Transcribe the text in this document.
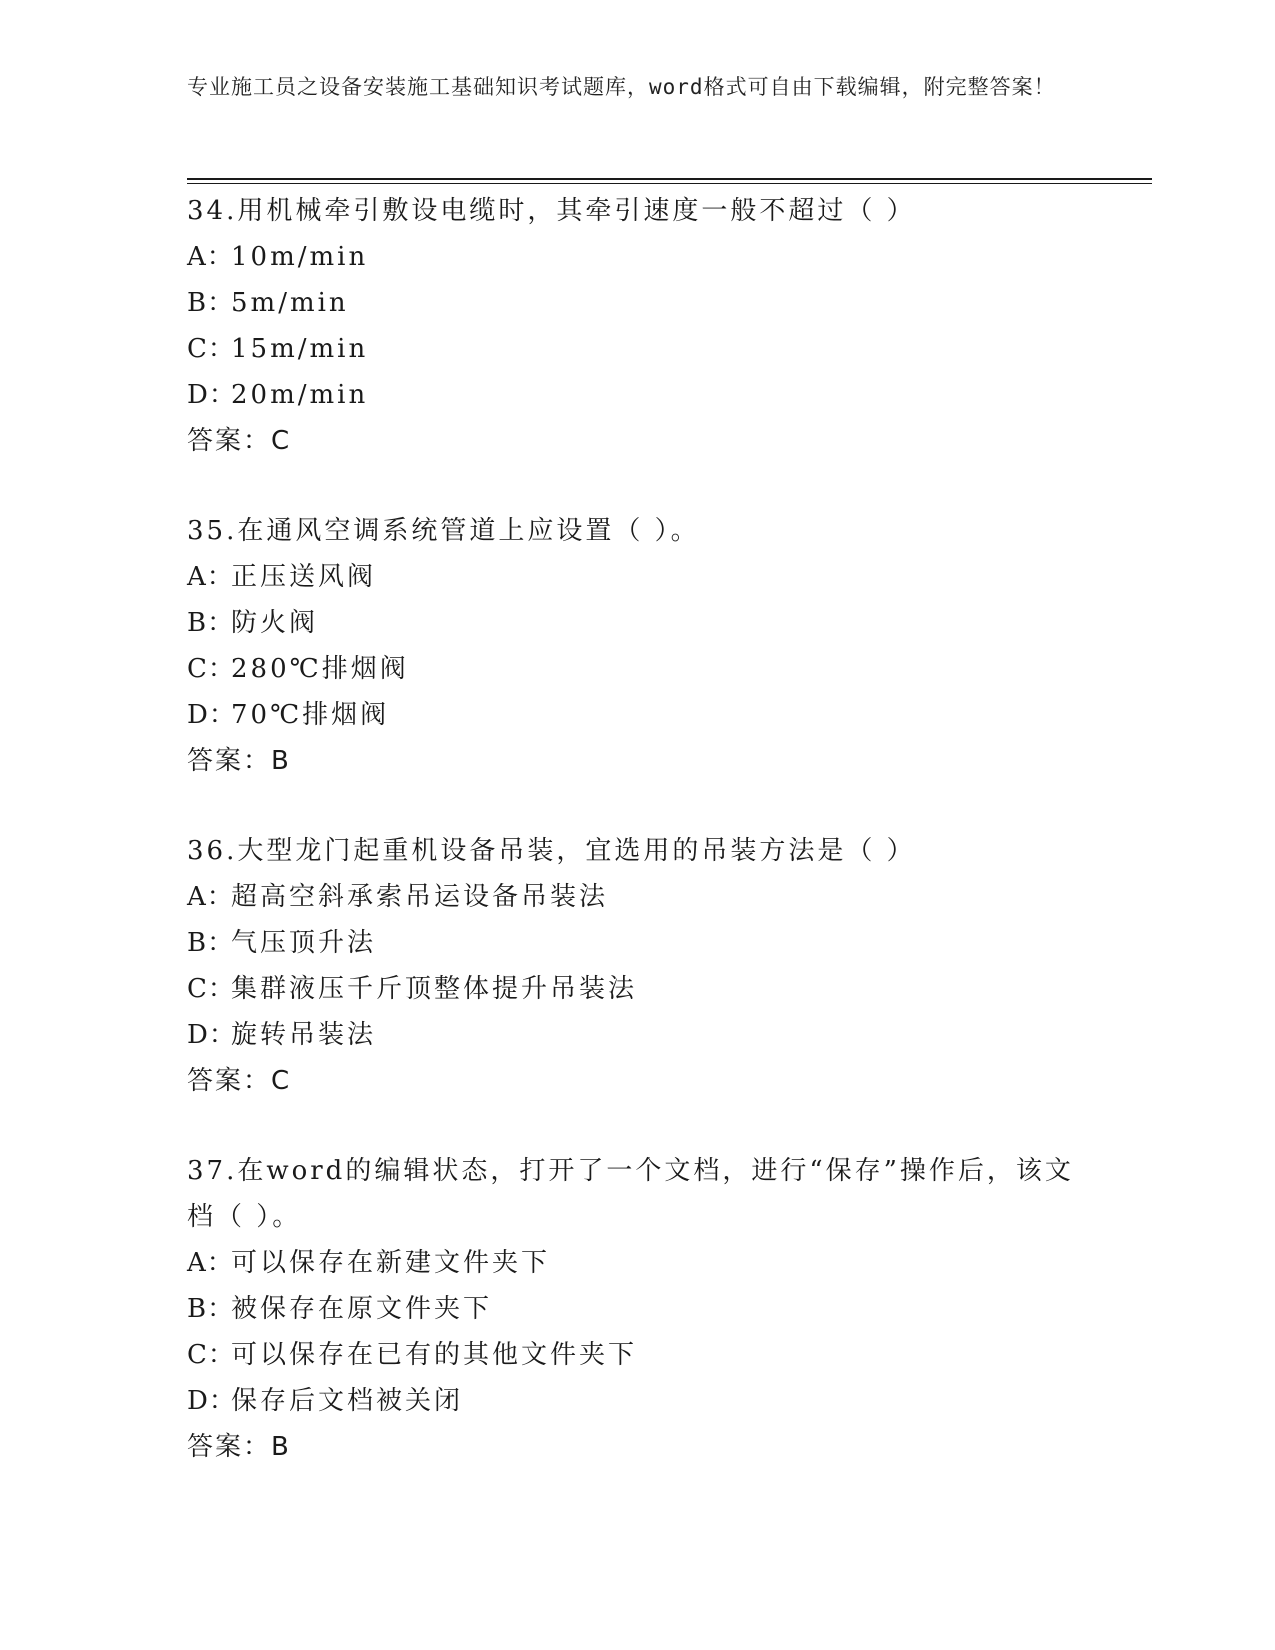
专业施工员之设备安装施工基础知识考试题库，word格式可自由下载编辑，附完整答案！

34.用机械牵引敷设电缆时，其牵引速度一般不超过（ ）

A：
10m/min

B：
5m/min

C：
15m/min

D：
20m/min

答案：C

35.在通风空调系统管道上应设置（ ）。

A：
正压送风阀

B：
防火阀

C：
280℃排烟阀

D：
70℃排烟阀

答案：B

36.大型龙门起重机设备吊装，宜选用的吊装方法是（ ）

A：
超高空斜承索吊运设备吊装法

B：
气压顶升法

C：
集群液压千斤顶整体提升吊装法

D：
旋转吊装法

答案：C

37.在word的编辑状态，打开了一个文档，进行“保存”操作后，该文档（ ）。

A：
可以保存在新建文件夹下

B：
被保存在原文件夹下

C：
可以保存在已有的其他文件夹下

D：
保存后文档被关闭

答案：B
